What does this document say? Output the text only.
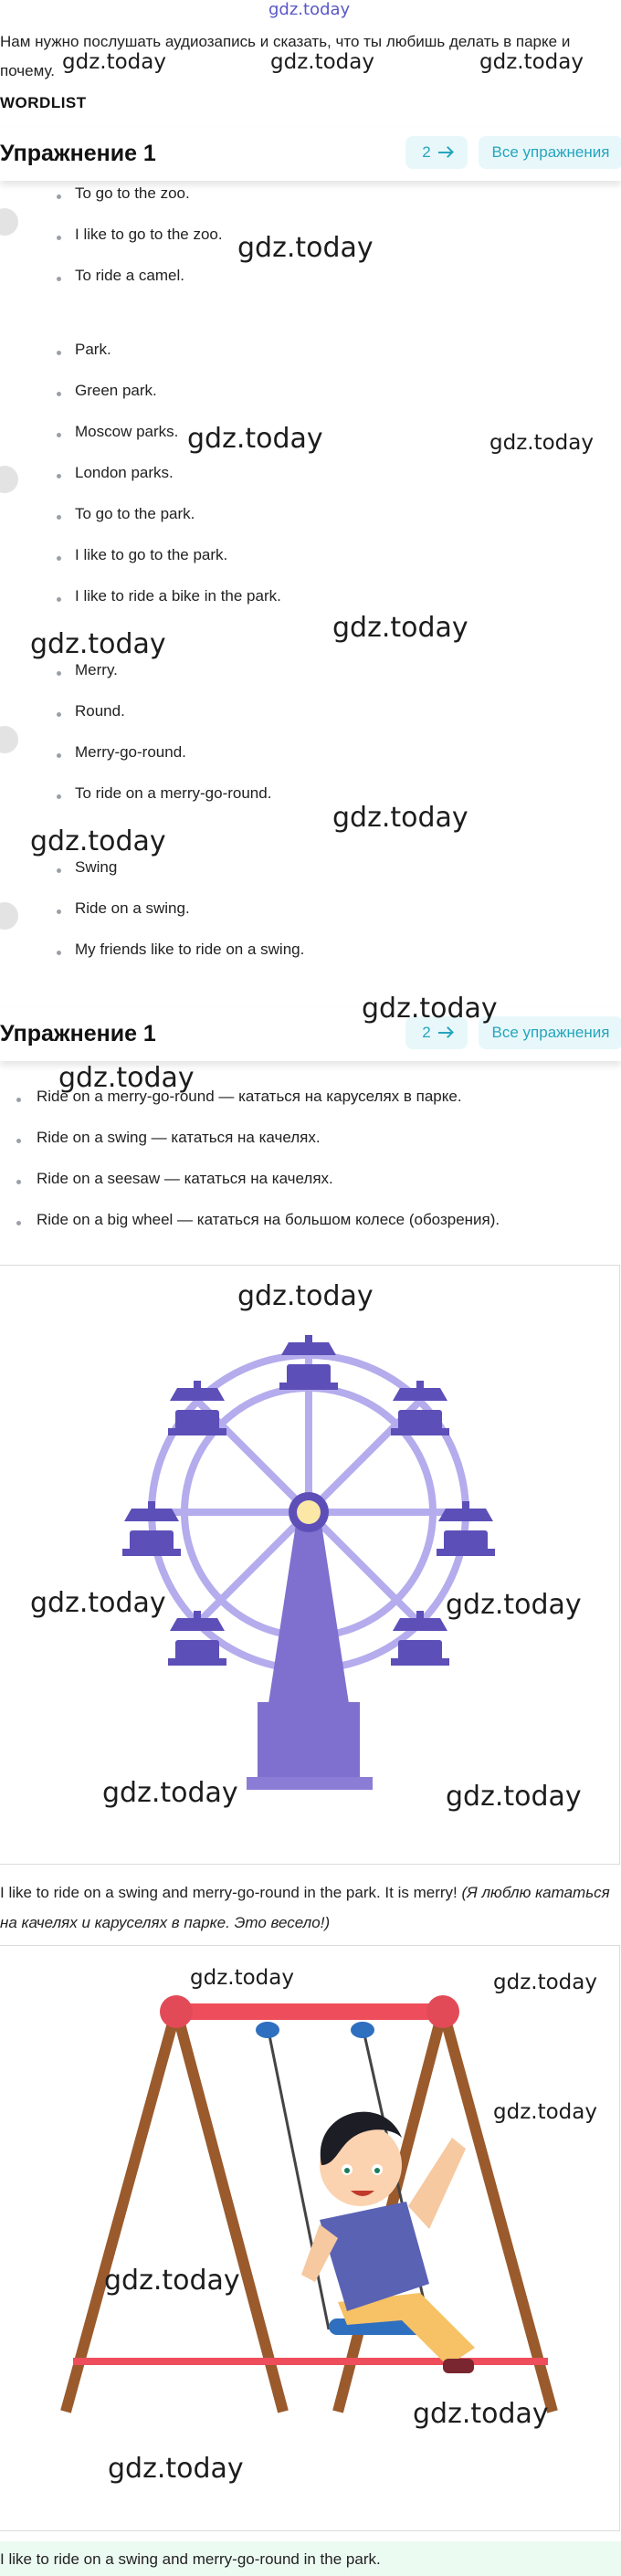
gdz.today
Нам нужно послушать аудиозапись и сказать, что ты любишь делать в парке и почему.
WORDLIST
Упражнение 1	2	Все упражнения
To go to the zoo.
I like to go to the zoo.
To ride a camel.
Park.
Green park.
Moscow parks.
London parks.
To go to the park.
I like to go to the park.
I like to ride a bike in the park.
Merry.
Round.
Merry-go-round.
To ride on a merry-go-round.
Swing
Ride on a swing.
My friends like to ride on a swing.
Упражнение 1	2	Все упражнения
Ride on a merry-go-round — кататься на каруселях в парке.
Ride on a swing — кататься на качелях.
Ride on a seesaw — кататься на качелях.
Ride on a big wheel — кататься на большом колесе (обозрения).
I like to ride on a swing and merry-go-round in the park. It is merry! (Я люблю кататься на качелях и каруселях в парке. Это весело!)
I like to ride on a swing and merry-go-round in the park.
gdz.today	gdz.today	gdz.today
gdz.today
gdz.today	gdz.today
gdz.today
gdz.today
gdz.today
gdz.today
gdz.today
gdz.today
gdz.today
gdz.today	gdz.today
gdz.today	gdz.today
gdz.today	gdz.today
gdz.today
gdz.today
gdz.today
gdz.today
